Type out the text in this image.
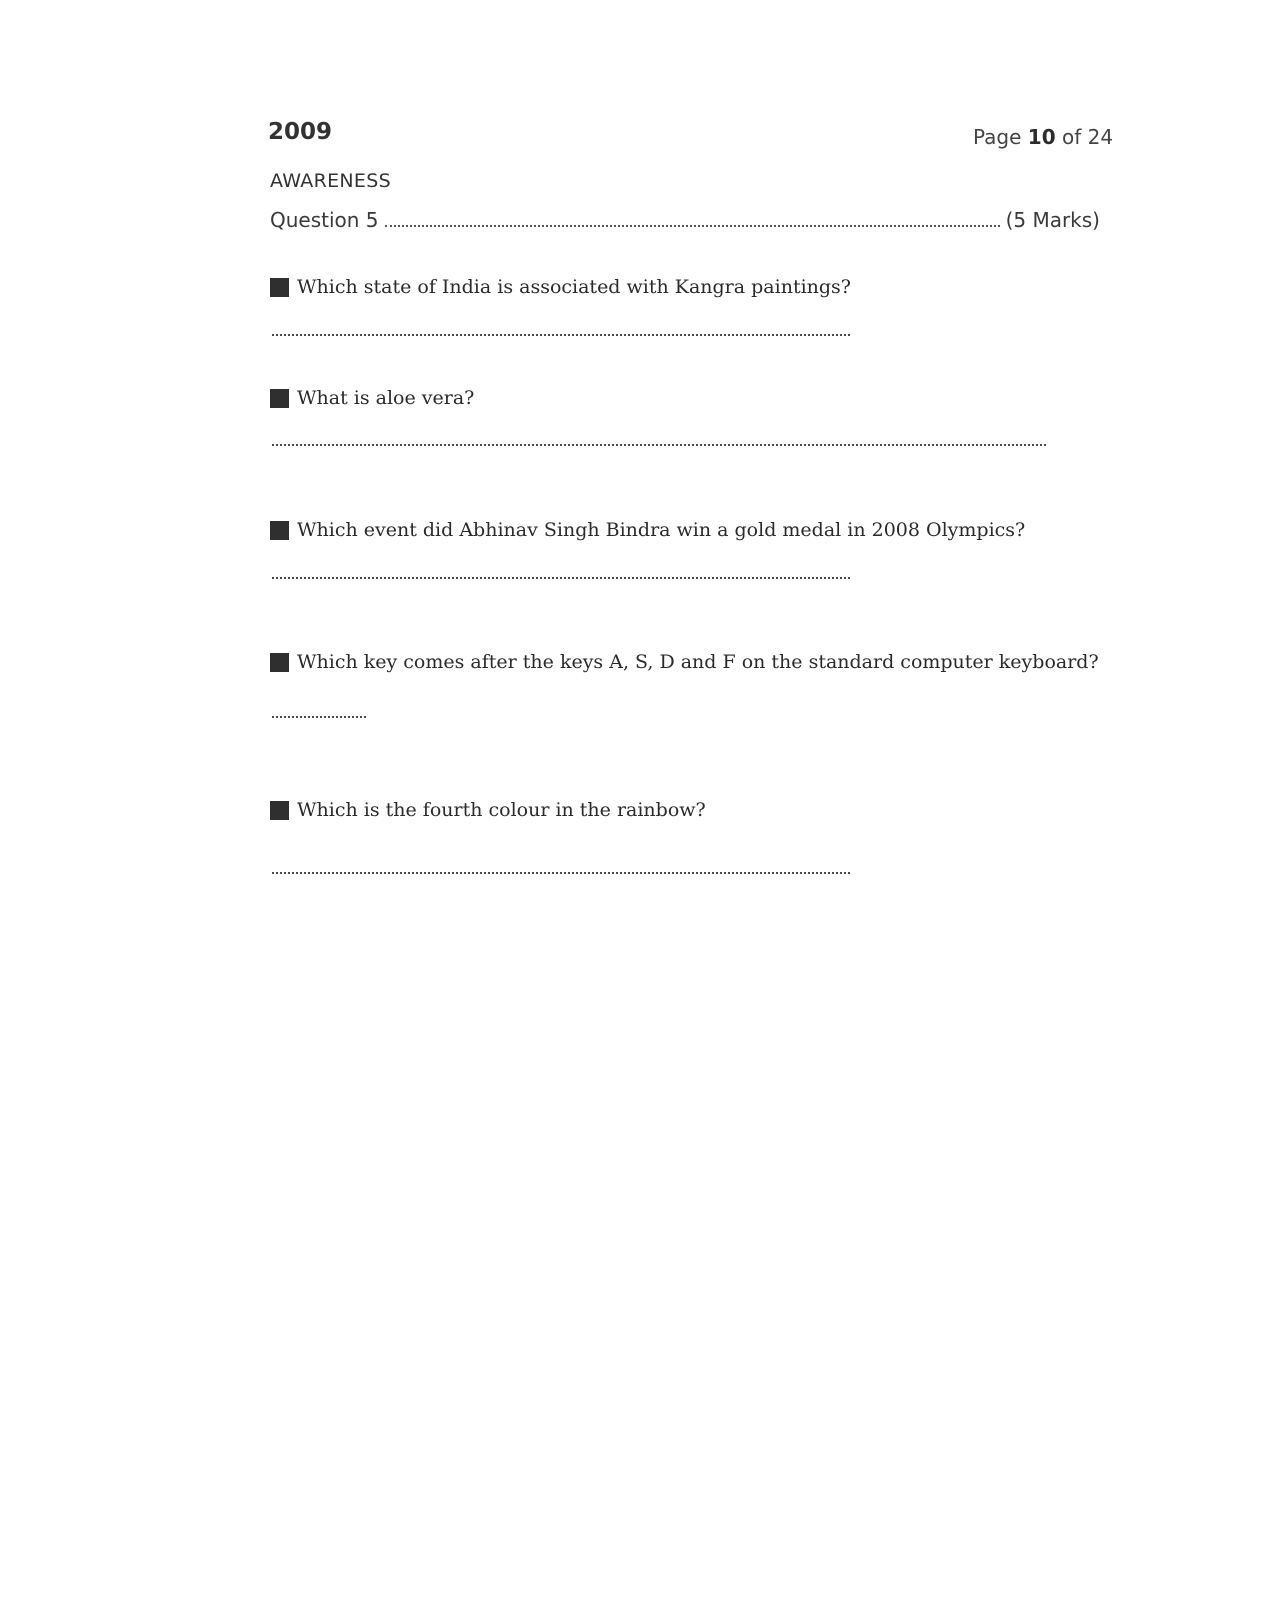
2009	Page 10 of 24
AWARENESS
Question 5	(5 Marks)
Which state of India is associated with Kangra paintings?
What is aloe vera?
Which event did Abhinav Singh Bindra win a gold medal in 2008 Olympics?
Which key comes after the keys A, S, D and F on the standard computer keyboard?
Which is the fourth colour in the rainbow?
